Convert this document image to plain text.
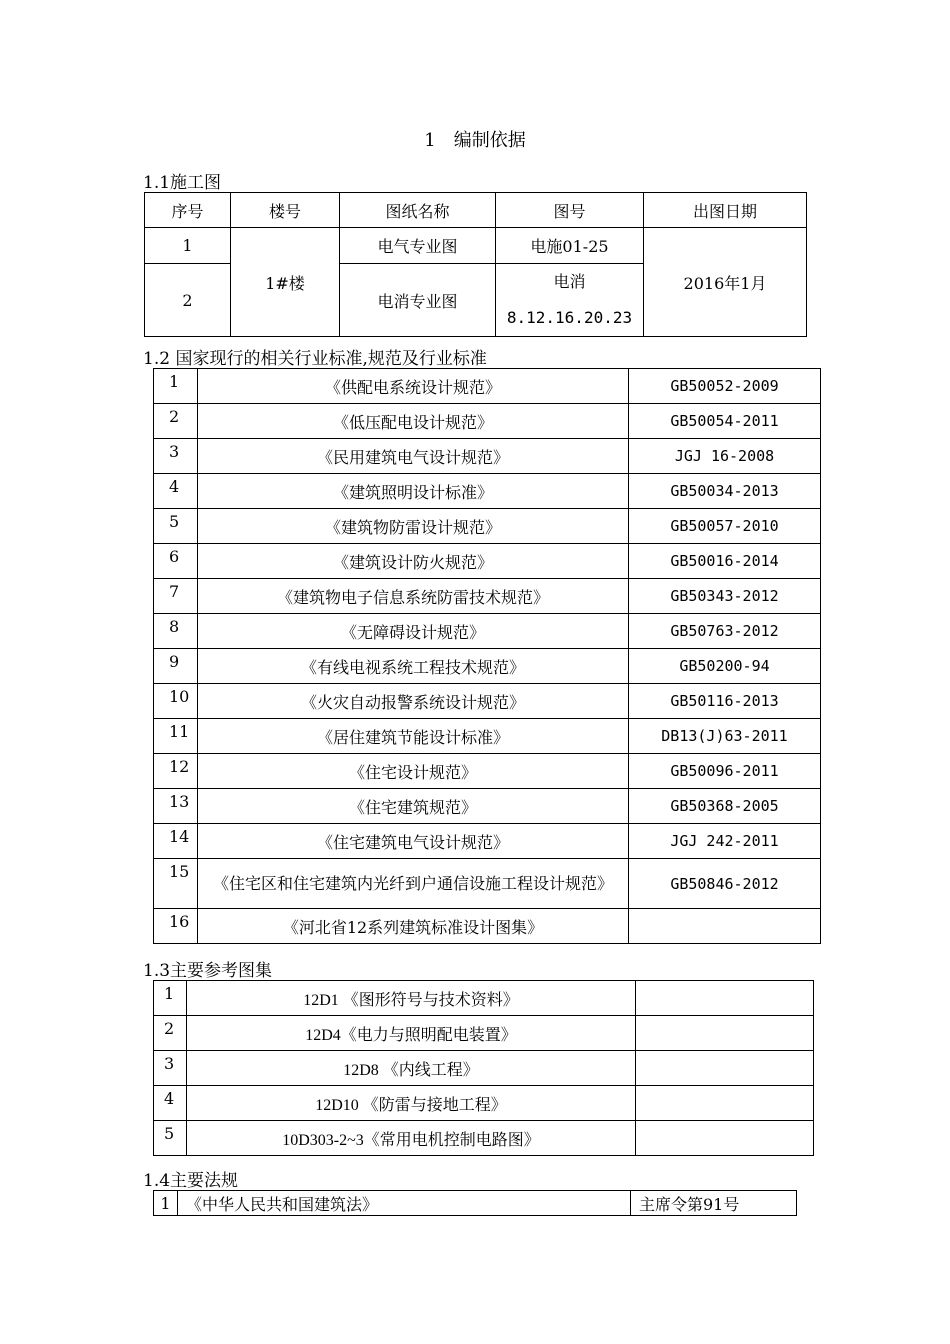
1　编制依据
1.1施工图
序号	楼号	图纸名称	图号	出图日期
1	1#楼	电气专业图	电施01-25	2016年1月
2		电消专业图	电消
8.12.16.20.23	
1.2 国家现行的相关行业标准,规范及行业标准
1	《供配电系统设计规范》	GB50052-2009
2	《低压配电设计规范》	GB50054-2011
3	《民用建筑电气设计规范》	JGJ 16-2008
4	《建筑照明设计标准》	GB50034-2013
5	《建筑物防雷设计规范》	GB50057-2010
6	《建筑设计防火规范》	GB50016-2014
7	《建筑物电子信息系统防雷技术规范》	GB50343-2012
8	《无障碍设计规范》	GB50763-2012
9	《有线电视系统工程技术规范》	GB50200-94
10	《火灾自动报警系统设计规范》	GB50116-2013
11	《居住建筑节能设计标准》	DB13(J)63-2011
12	《住宅设计规范》	GB50096-2011
13	《住宅建筑规范》	GB50368-2005
14	《住宅建筑电气设计规范》	JGJ 242-2011
15	《住宅区和住宅建筑内光纤到户通信设施工程设计规范》	GB50846-2012
16	《河北省12系列建筑标准设计图集》	
1.3主要参考图集
1	12D1 《图形符号与技术资料》	
2	12D4《电力与照明配电装置》	
3	12D8 《内线工程》	
4	12D10 《防雷与接地工程》	
5	10D303-2~3《常用电机控制电路图》	
1.4主要法规
1	《中华人民共和国建筑法》	主席令第91号
